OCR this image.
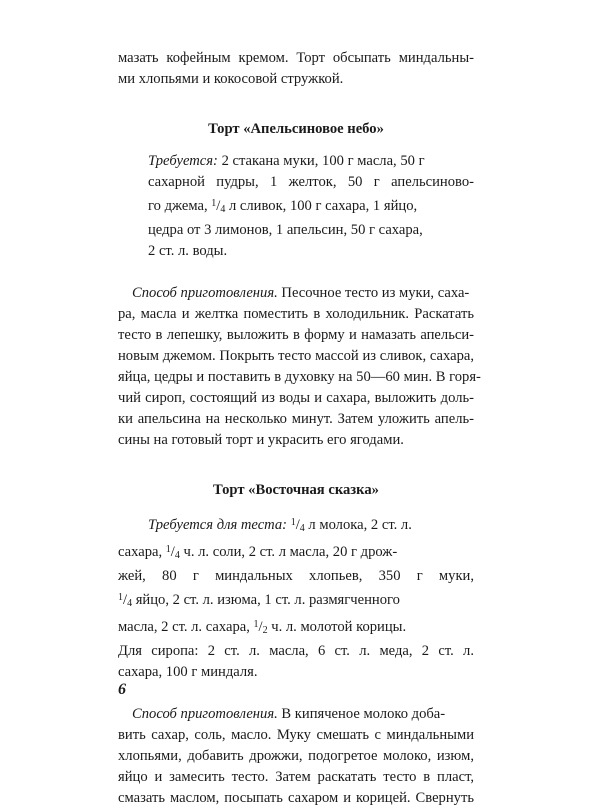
мазать кофейным кремом. Торт обсыпать миндальны-
ми хлопьями и кокосовой стружкой.
Торт «Апельсиновое небо»
Требуется: 2 стакана муки, 100 г масла, 50 г
сахарной пудры, 1 желток, 50 г апельсиново-
го джема, $^1/_4$ л сливок, 100 г сахара, 1 яйцо,
цедра от 3 лимонов, 1 апельсин, 50 г сахара,
2 ст. л. воды.
Способ приготовления. Песочное тесто из муки, саха-
ра, масла и желтка поместить в холодильник. Раскатать
тесто в лепешку, выложить в форму и намазать апельси-
новым джемом. Покрыть тесто массой из сливок, сахара,
яйца, цедры и поставить в духовку на 50—60 мин. В горя-
чий сироп, состоящий из воды и сахара, выложить доль-
ки апельсина на несколько минут. Затем уложить апель-
сины на готовый торт и украсить его ягодами.
Торт «Восточная сказка»
Требуется для теста: $^1/_4$ л молока, 2 ст. л.
сахара, $^1/_4$ ч. л. соли, 2 ст. л масла, 20 г дрож-
жей, 80 г миндальных хлопьев, 350 г муки,
$^1/_4$ яйцо, 2 ст. л. изюма, 1 ст. л. размягченного
масла, 2 ст. л. сахара, $^1/_2$ ч. л. молотой корицы.
Для сиропа: 2 ст. л. масла, 6 ст. л. меда, 2 ст. л.
сахара, 100 г миндаля.
Способ приготовления. В кипяченое молоко доба-
вить сахар, соль, масло. Муку смешать с миндальными
хлопьями, добавить дрожжи, подогретое молоко, изюм,
яйцо и замесить тесто. Затем раскатать тесто в пласт,
смазать маслом, посыпать сахаром и корицей. Свернуть
6
